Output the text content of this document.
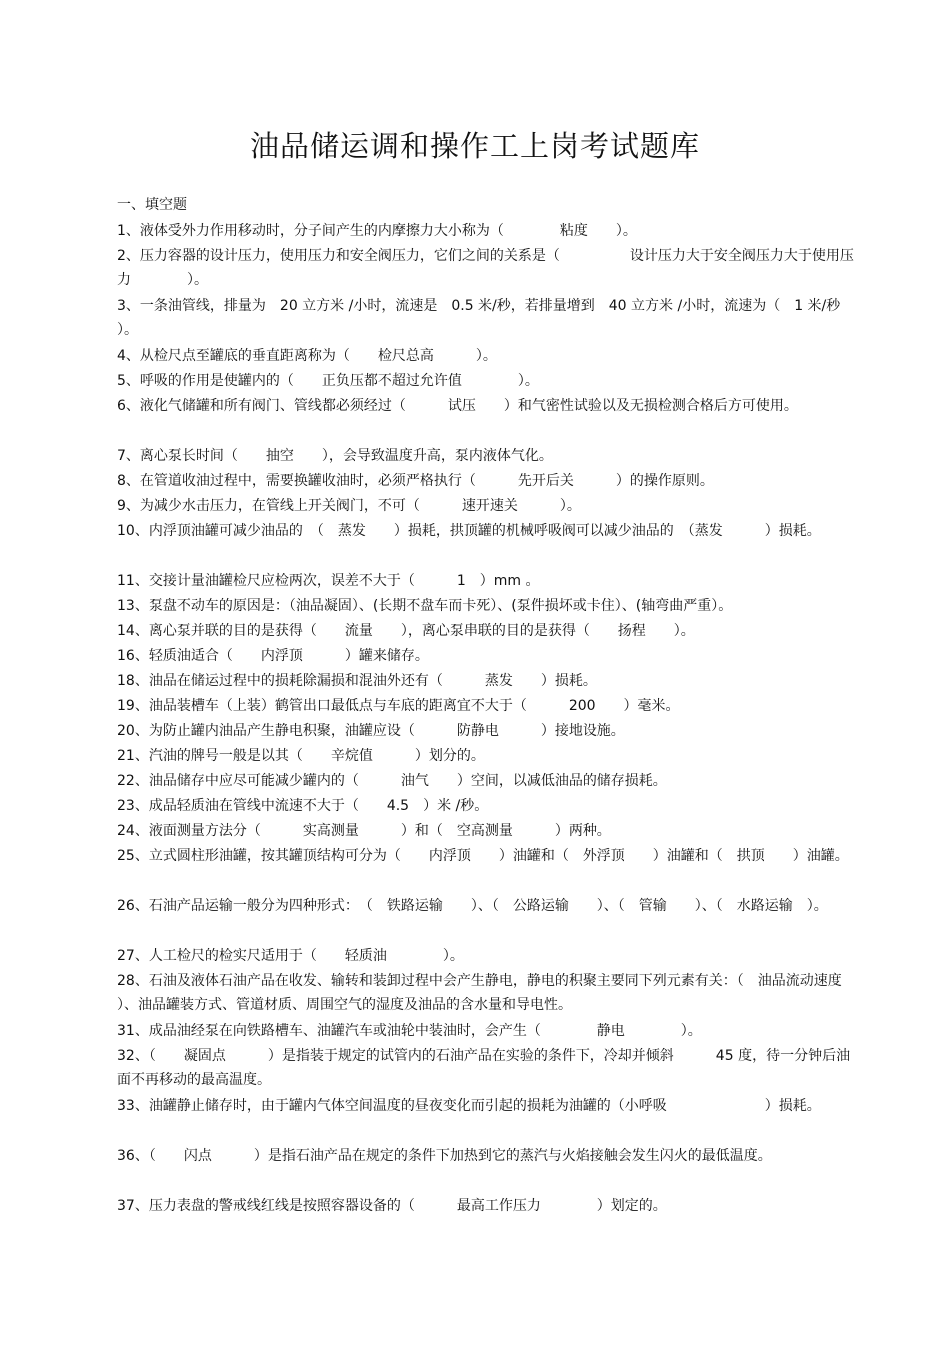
油品储运调和操作工上岗考试题库
一、填空题
1、液体受外力作用移动时，分子间产生的内摩擦力大小称为（　　　　粘度　　）。
2、压力容器的设计压力，使用压力和安全阀压力，它们之间的关系是（　　　　　设计压力大于安全阀压力大于使用压力　　　　）。
3、一条油管线，排量为　20 立方米 /小时，流速是　0.5 米/秒，若排量增到　40 立方米 /小时，流速为（　1 米/秒　　　）。
4、从检尺点至罐底的垂直距离称为（　　检尺总高　　　）。
5、呼吸的作用是使罐内的（　　正负压都不超过允许值　　　　）。
6、液化气储罐和所有阀门、管线都必须经过（　　　试压　　）和气密性试验以及无损检测合格后方可使用。
7、离心泵长时间（　　抽空　　），会导致温度升高，泵内液体气化。
8、在管道收油过程中，需要换罐收油时，必须严格执行（　　　先开后关　　　）的操作原则。
9、为减少水击压力，在管线上开关阀门，不可（　　　速开速关　　　）。
10、内浮顶油罐可减少油品的　（　蒸发　　）损耗，拱顶罐的机械呼吸阀可以减少油品的　（蒸发　　　）损耗。
11、交接计量油罐检尺应检两次，误差不大于（　　　1　）mm 。
13、泵盘不动车的原因是：（油品凝固）、(长期不盘车而卡死）、(泵件损坏或卡住）、(轴弯曲严重）。
14、离心泵并联的目的是获得（　　流量　　），离心泵串联的目的是获得（　　扬程　　）。
16、轻质油适合（　　内浮顶　　　）罐来储存。
18、油品在储运过程中的损耗除漏损和混油外还有（　　　蒸发　　）损耗。
19、油品装槽车（上装）鹤管出口最低点与车底的距离宜不大于（　　　200　　）毫米。
20、为防止罐内油品产生静电积聚，油罐应设（　　　防静电　　　）接地设施。
21、汽油的牌号一般是以其（　　辛烷值　　　）划分的。
22、油品储存中应尽可能减少罐内的（　　　油气　　）空间，以减低油品的储存损耗。
23、成品轻质油在管线中流速不大于（　　4.5　）米 /秒。
24、液面测量方法分（　　　实高测量　　　）和（　空高测量　　　）两种。
25、立式圆柱形油罐，按其罐顶结构可分为（　　内浮顶　　）油罐和（　外浮顶　　）油罐和（　拱顶　　）油罐。
26、石油产品运输一般分为四种形式：　（　铁路运输　　）、（　公路运输　　）、（　管输　　）、（　水路运输　）。
27、人工检尺的检实尺适用于（　　轻质油　　　　）。
28、石油及液体石油产品在收发、输转和装卸过程中会产生静电，静电的积聚主要同下列元素有关：（　油品流动速度　　　　）、油品罐装方式、管道材质、周围空气的湿度及油品的含水量和导电性。
31、成品油经泵在向铁路槽车、油罐汽车或油轮中装油时，会产生（　　　　静电　　　　）。
32、（　　凝固点　　　）是指装于规定的试管内的石油产品在实验的条件下，冷却并倾斜　　　45 度，待一分钟后油面不再移动的最高温度。
33、油罐静止储存时，由于罐内气体空间温度的昼夜变化而引起的损耗为油罐的（小呼吸　　　　　　　）损耗。
36、（　　闪点　　　）是指石油产品在规定的条件下加热到它的蒸汽与火焰接触会发生闪火的最低温度。
37、压力表盘的警戒线红线是按照容器设备的（　　　最高工作压力　　　　）划定的。
